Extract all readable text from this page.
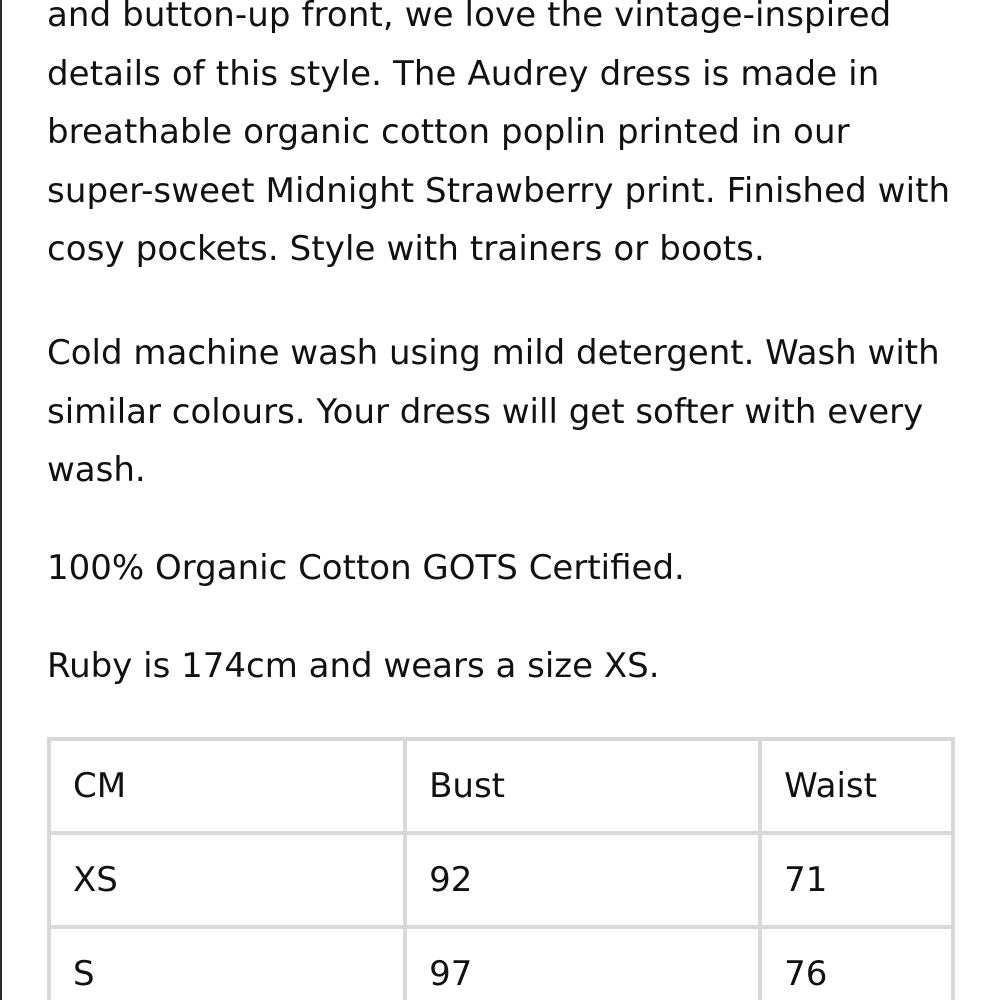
and button-up front, we love the vintage-inspired
details of this style. The Audrey dress is made in
breathable organic cotton poplin printed in our
super-sweet Midnight Strawberry print. Finished with
cosy pockets. Style with trainers or boots.

Cold machine wash using mild detergent. Wash with
similar colours. Your dress will get softer with every
wash.

100% Organic Cotton GOTS Certified.

Ruby is 174cm and wears a size XS.

CM	Bust	Waist
XS	92	71
S	97	76
